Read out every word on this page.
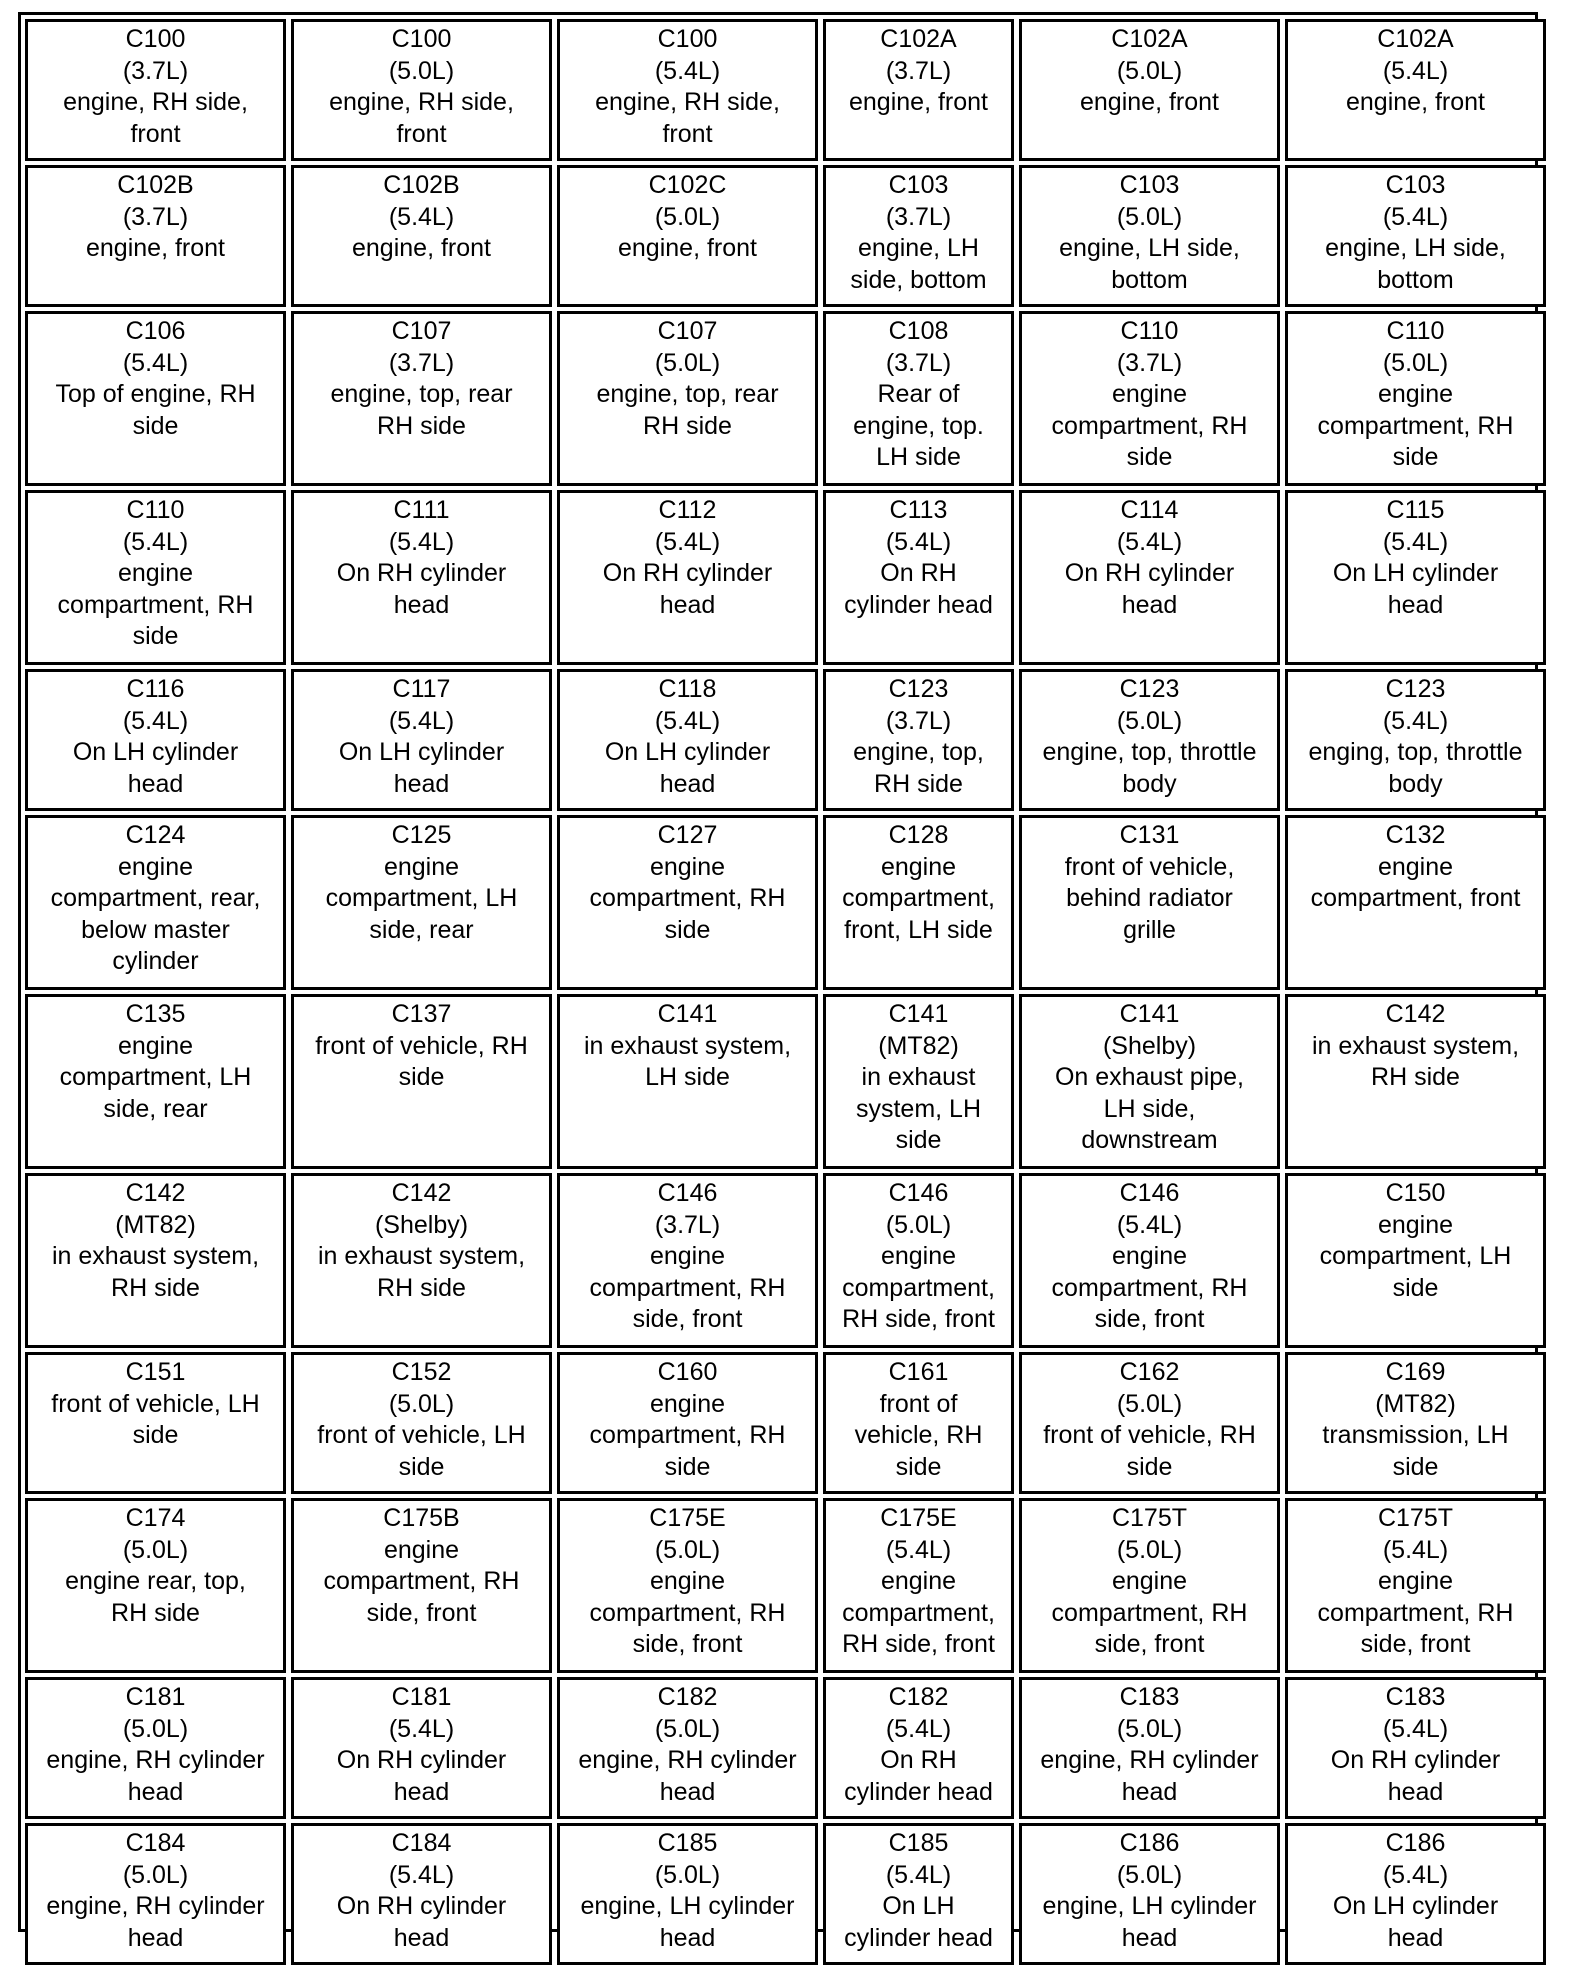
C100
(3.7L)
engine, RH side,
front
C100
(5.0L)
engine, RH side,
front
C100
(5.4L)
engine, RH side,
front
C102A
(3.7L)
engine, front
C102A
(5.0L)
engine, front
C102A
(5.4L)
engine, front
C102B
(3.7L)
engine, front
C102B
(5.4L)
engine, front
C102C
(5.0L)
engine, front
C103
(3.7L)
engine, LH
side, bottom
C103
(5.0L)
engine, LH side,
bottom
C103
(5.4L)
engine, LH side,
bottom
C106
(5.4L)
Top of engine, RH
side
C107
(3.7L)
engine, top, rear
RH side
C107
(5.0L)
engine, top, rear
RH side
C108
(3.7L)
Rear of
engine, top.
LH side
C110
(3.7L)
engine
compartment, RH
side
C110
(5.0L)
engine
compartment, RH
side
C110
(5.4L)
engine
compartment, RH
side
C111
(5.4L)
On RH cylinder
head
C112
(5.4L)
On RH cylinder
head
C113
(5.4L)
On RH
cylinder head
C114
(5.4L)
On RH cylinder
head
C115
(5.4L)
On LH cylinder
head
C116
(5.4L)
On LH cylinder
head
C117
(5.4L)
On LH cylinder
head
C118
(5.4L)
On LH cylinder
head
C123
(3.7L)
engine, top,
RH side
C123
(5.0L)
engine, top, throttle
body
C123
(5.4L)
enging, top, throttle
body
C124
engine
compartment, rear,
below master
cylinder
C125
engine
compartment, LH
side, rear
C127
engine
compartment, RH
side
C128
engine
compartment,
front, LH side
C131
front of vehicle,
behind radiator
grille
C132
engine
compartment, front
C135
engine
compartment, LH
side, rear
C137
front of vehicle, RH
side
C141
in exhaust system,
LH side
C141
(MT82)
in exhaust
system, LH
side
C141
(Shelby)
On exhaust pipe,
LH side,
downstream
C142
in exhaust system,
RH side
C142
(MT82)
in exhaust system,
RH side
C142
(Shelby)
in exhaust system,
RH side
C146
(3.7L)
engine
compartment, RH
side, front
C146
(5.0L)
engine
compartment,
RH side, front
C146
(5.4L)
engine
compartment, RH
side, front
C150
engine
compartment, LH
side
C151
front of vehicle, LH
side
C152
(5.0L)
front of vehicle, LH
side
C160
engine
compartment, RH
side
C161
front of
vehicle, RH
side
C162
(5.0L)
front of vehicle, RH
side
C169
(MT82)
transmission, LH
side
C174
(5.0L)
engine rear, top,
RH side
C175B
engine
compartment, RH
side, front
C175E
(5.0L)
engine
compartment, RH
side, front
C175E
(5.4L)
engine
compartment,
RH side, front
C175T
(5.0L)
engine
compartment, RH
side, front
C175T
(5.4L)
engine
compartment, RH
side, front
C181
(5.0L)
engine, RH cylinder
head
C181
(5.4L)
On RH cylinder
head
C182
(5.0L)
engine, RH cylinder
head
C182
(5.4L)
On RH
cylinder head
C183
(5.0L)
engine, RH cylinder
head
C183
(5.4L)
On RH cylinder
head
C184
(5.0L)
engine, RH cylinder
head
C184
(5.4L)
On RH cylinder
head
C185
(5.0L)
engine, LH cylinder
head
C185
(5.4L)
On LH
cylinder head
C186
(5.0L)
engine, LH cylinder
head
C186
(5.4L)
On LH cylinder
head
